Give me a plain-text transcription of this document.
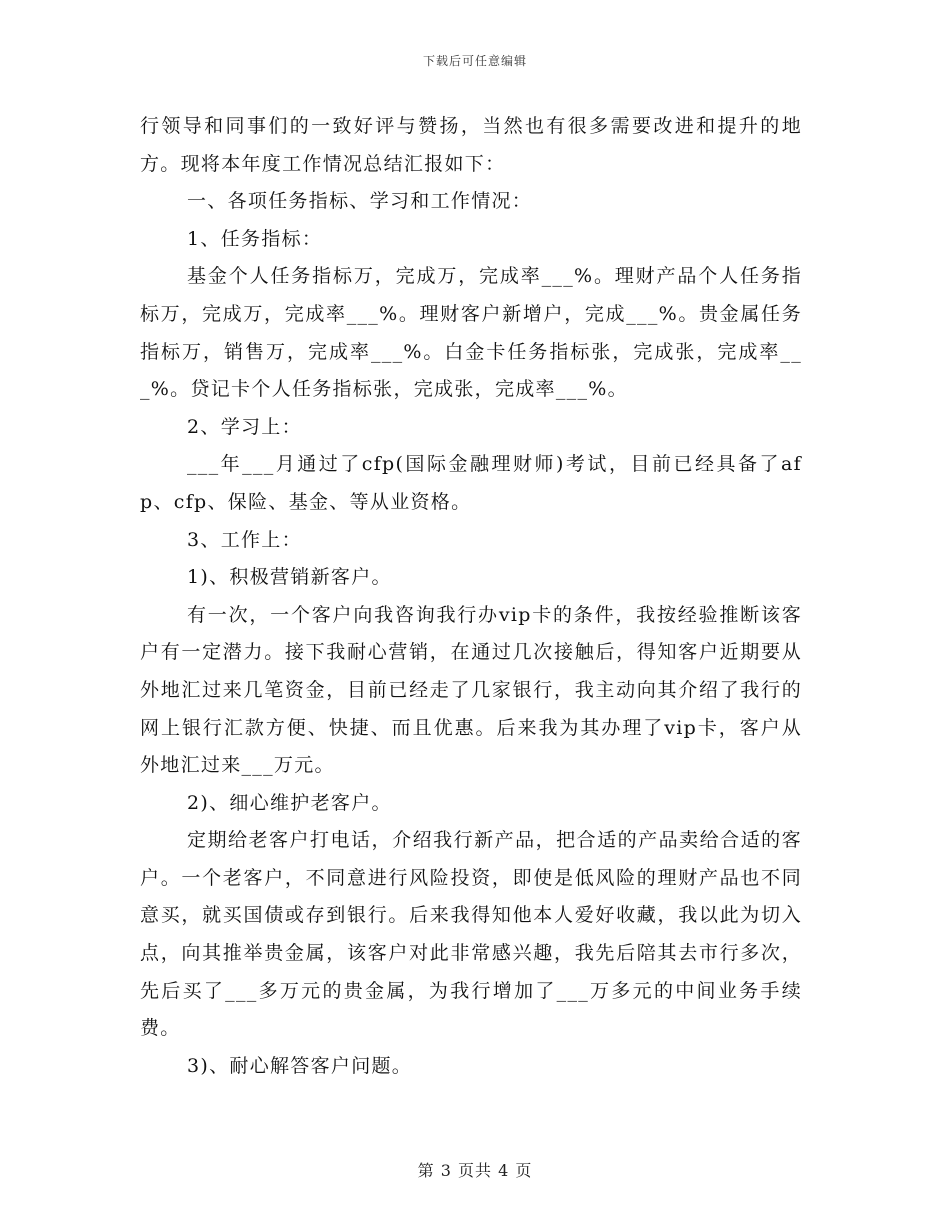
下载后可任意编辑

行领导和同事们的一致好评与赞扬，当然也有很多需要改进和提升的地方。现将本年度工作情况总结汇报如下：

一、各项任务指标、学习和工作情况：

1、任务指标：

基金个人任务指标万，完成万，完成率___%。理财产品个人任务指标万，完成万，完成率___%。理财客户新增户，完成___%。贵金属任务指标万，销售万，完成率___%。白金卡任务指标张，完成张，完成率___%。贷记卡个人任务指标张，完成张，完成率___%。

2、学习上：

___年___月通过了cfp(国际金融理财师)考试，目前已经具备了afp、cfp、保险、基金、等从业资格。

3、工作上：

1)、积极营销新客户。

有一次，一个客户向我咨询我行办vip卡的条件，我按经验推断该客户有一定潜力。接下我耐心营销，在通过几次接触后，得知客户近期要从外地汇过来几笔资金，目前已经走了几家银行，我主动向其介绍了我行的网上银行汇款方便、快捷、而且优惠。后来我为其办理了vip卡，客户从外地汇过来___万元。

2)、细心维护老客户。

定期给老客户打电话，介绍我行新产品，把合适的产品卖给合适的客户。一个老客户，不同意进行风险投资，即使是低风险的理财产品也不同意买，就买国债或存到银行。后来我得知他本人爱好收藏，我以此为切入点，向其推举贵金属，该客户对此非常感兴趣，我先后陪其去市行多次，先后买了___多万元的贵金属，为我行增加了___万多元的中间业务手续费。

3)、耐心解答客户问题。

第 3 页共 4 页
